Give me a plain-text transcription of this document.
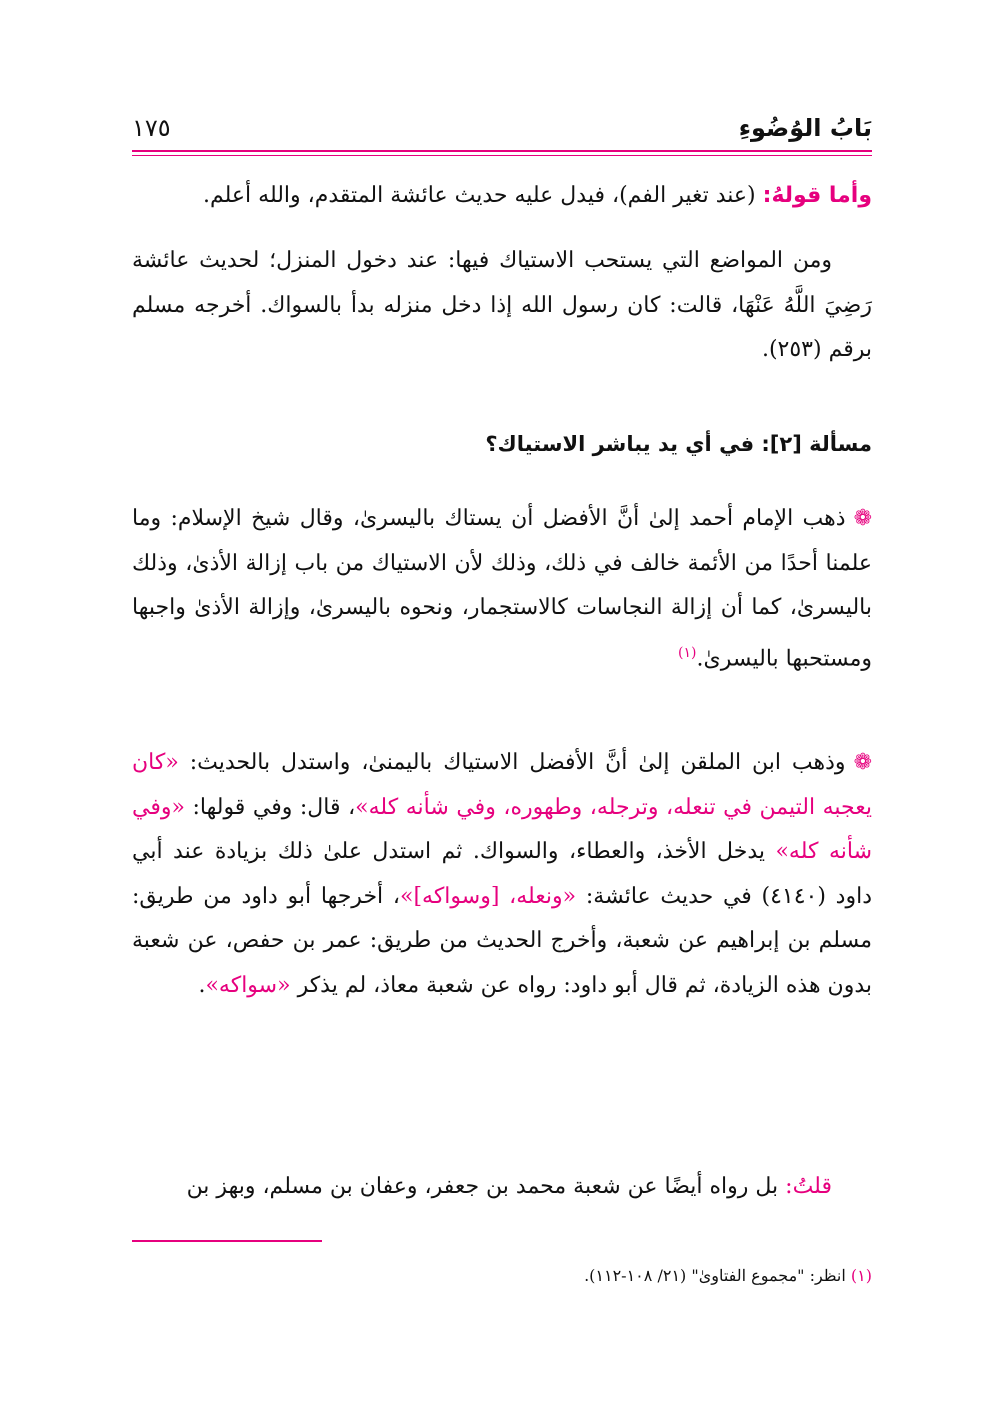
بَابُ الوُضُوءِ
١٧٥

وأما قولهُ: (عند تغير الفم)، فيدل عليه حديث عائشة المتقدم، والله أعلم.

ومن المواضع التي يستحب الاستياك فيها: عند دخول المنزل؛ لحديث عائشة رَضِيَ اللَّهُ عَنْهَا، قالت: كان رسول الله إذا دخل منزله بدأ بالسواك. أخرجه مسلم برقم (٢٥٣).

مسألة [٢]: في أي يد يباشر الاستياك؟

❁ذهب الإمام أحمد إلىٰ أنَّ الأفضل أن يستاك باليسرىٰ، وقال شيخ الإسلام: وما علمنا أحدًا من الأئمة خالف في ذلك، وذلك لأن الاستياك من باب إزالة الأذىٰ، وذلك باليسرىٰ، كما أن إزالة النجاسات كالاستجمار، ونحوه باليسرىٰ، وإزالة الأذىٰ واجبها ومستحبها باليسرىٰ.$^{(١)}$

❁وذهب ابن الملقن إلىٰ أنَّ الأفضل الاستياك باليمنىٰ، واستدل بالحديث: «كان يعجبه التيمن في تنعله، وترجله، وطهوره، وفي شأنه كله»، قال: وفي قولها: «وفي شأنه كله» يدخل الأخذ، والعطاء، والسواك. ثم استدل علىٰ ذلك بزيادة عند أبي داود (٤١٤٠) في حديث عائشة: «ونعله، [وسواكه]»، أخرجها أبو داود من طريق: مسلم بن إبراهيم عن شعبة، وأخرج الحديث من طريق: عمر بن حفص، عن شعبة بدون هذه الزيادة، ثم قال أبو داود: رواه عن شعبة معاذ، لم يذكر «سواكه».

قلتُ: بل رواه أيضًا عن شعبة محمد بن جعفر، وعفان بن مسلم، وبهز بن

(١) انظر: "مجموع الفتاوىٰ" (٢١/ ١٠٨-١١٢).
